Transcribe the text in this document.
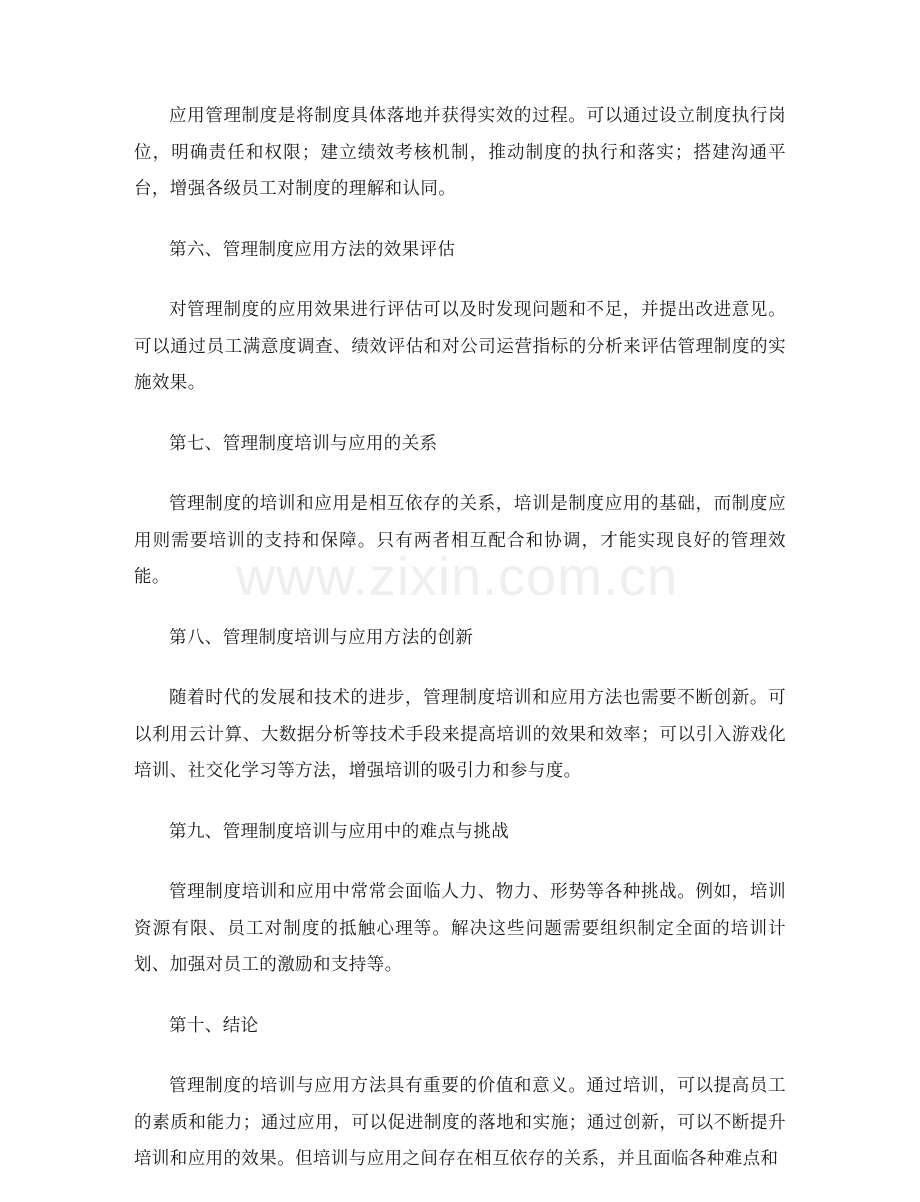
www.zixin.com.cn

应用管理制度是将制度具体落地并获得实效的过程。可以通过设立制度执行岗位，明确责任和权限；建立绩效考核机制，推动制度的执行和落实；搭建沟通平台，增强各级员工对制度的理解和认同。

第六、管理制度应用方法的效果评估

对管理制度的应用效果进行评估可以及时发现问题和不足，并提出改进意见。可以通过员工满意度调查、绩效评估和对公司运营指标的分析来评估管理制度的实施效果。

第七、管理制度培训与应用的关系

管理制度的培训和应用是相互依存的关系，培训是制度应用的基础，而制度应用则需要培训的支持和保障。只有两者相互配合和协调，才能实现良好的管理效能。

第八、管理制度培训与应用方法的创新

随着时代的发展和技术的进步，管理制度培训和应用方法也需要不断创新。可以利用云计算、大数据分析等技术手段来提高培训的效果和效率；可以引入游戏化培训、社交化学习等方法，增强培训的吸引力和参与度。

第九、管理制度培训与应用中的难点与挑战

管理制度培训和应用中常常会面临人力、物力、形势等各种挑战。例如，培训资源有限、员工对制度的抵触心理等。解决这些问题需要组织制定全面的培训计划、加强对员工的激励和支持等。

第十、结论

管理制度的培训与应用方法具有重要的价值和意义。通过培训，可以提高员工的素质和能力；通过应用，可以促进制度的落地和实施；通过创新，可以不断提升培训和应用的效果。但培训与应用之间存在相互依存的关系，并且面临各种难点和
